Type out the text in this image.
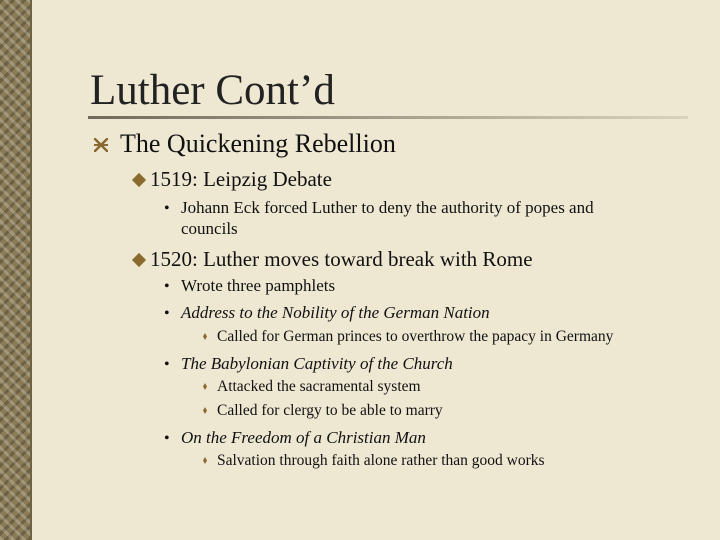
Luther Cont’d
The Quickening Rebellion
1519: Leipzig Debate
• Johann Eck forced Luther to deny the authority of popes and
councils
1520: Luther moves toward break with Rome
• Wrote three pamphlets
• Address to the Nobility of the German Nation
Called for German princes to overthrow the papacy in Germany
• The Babylonian Captivity of the Church
Attacked the sacramental system
Called for clergy to be able to marry
• On the Freedom of a Christian Man
Salvation through faith alone rather than good works
